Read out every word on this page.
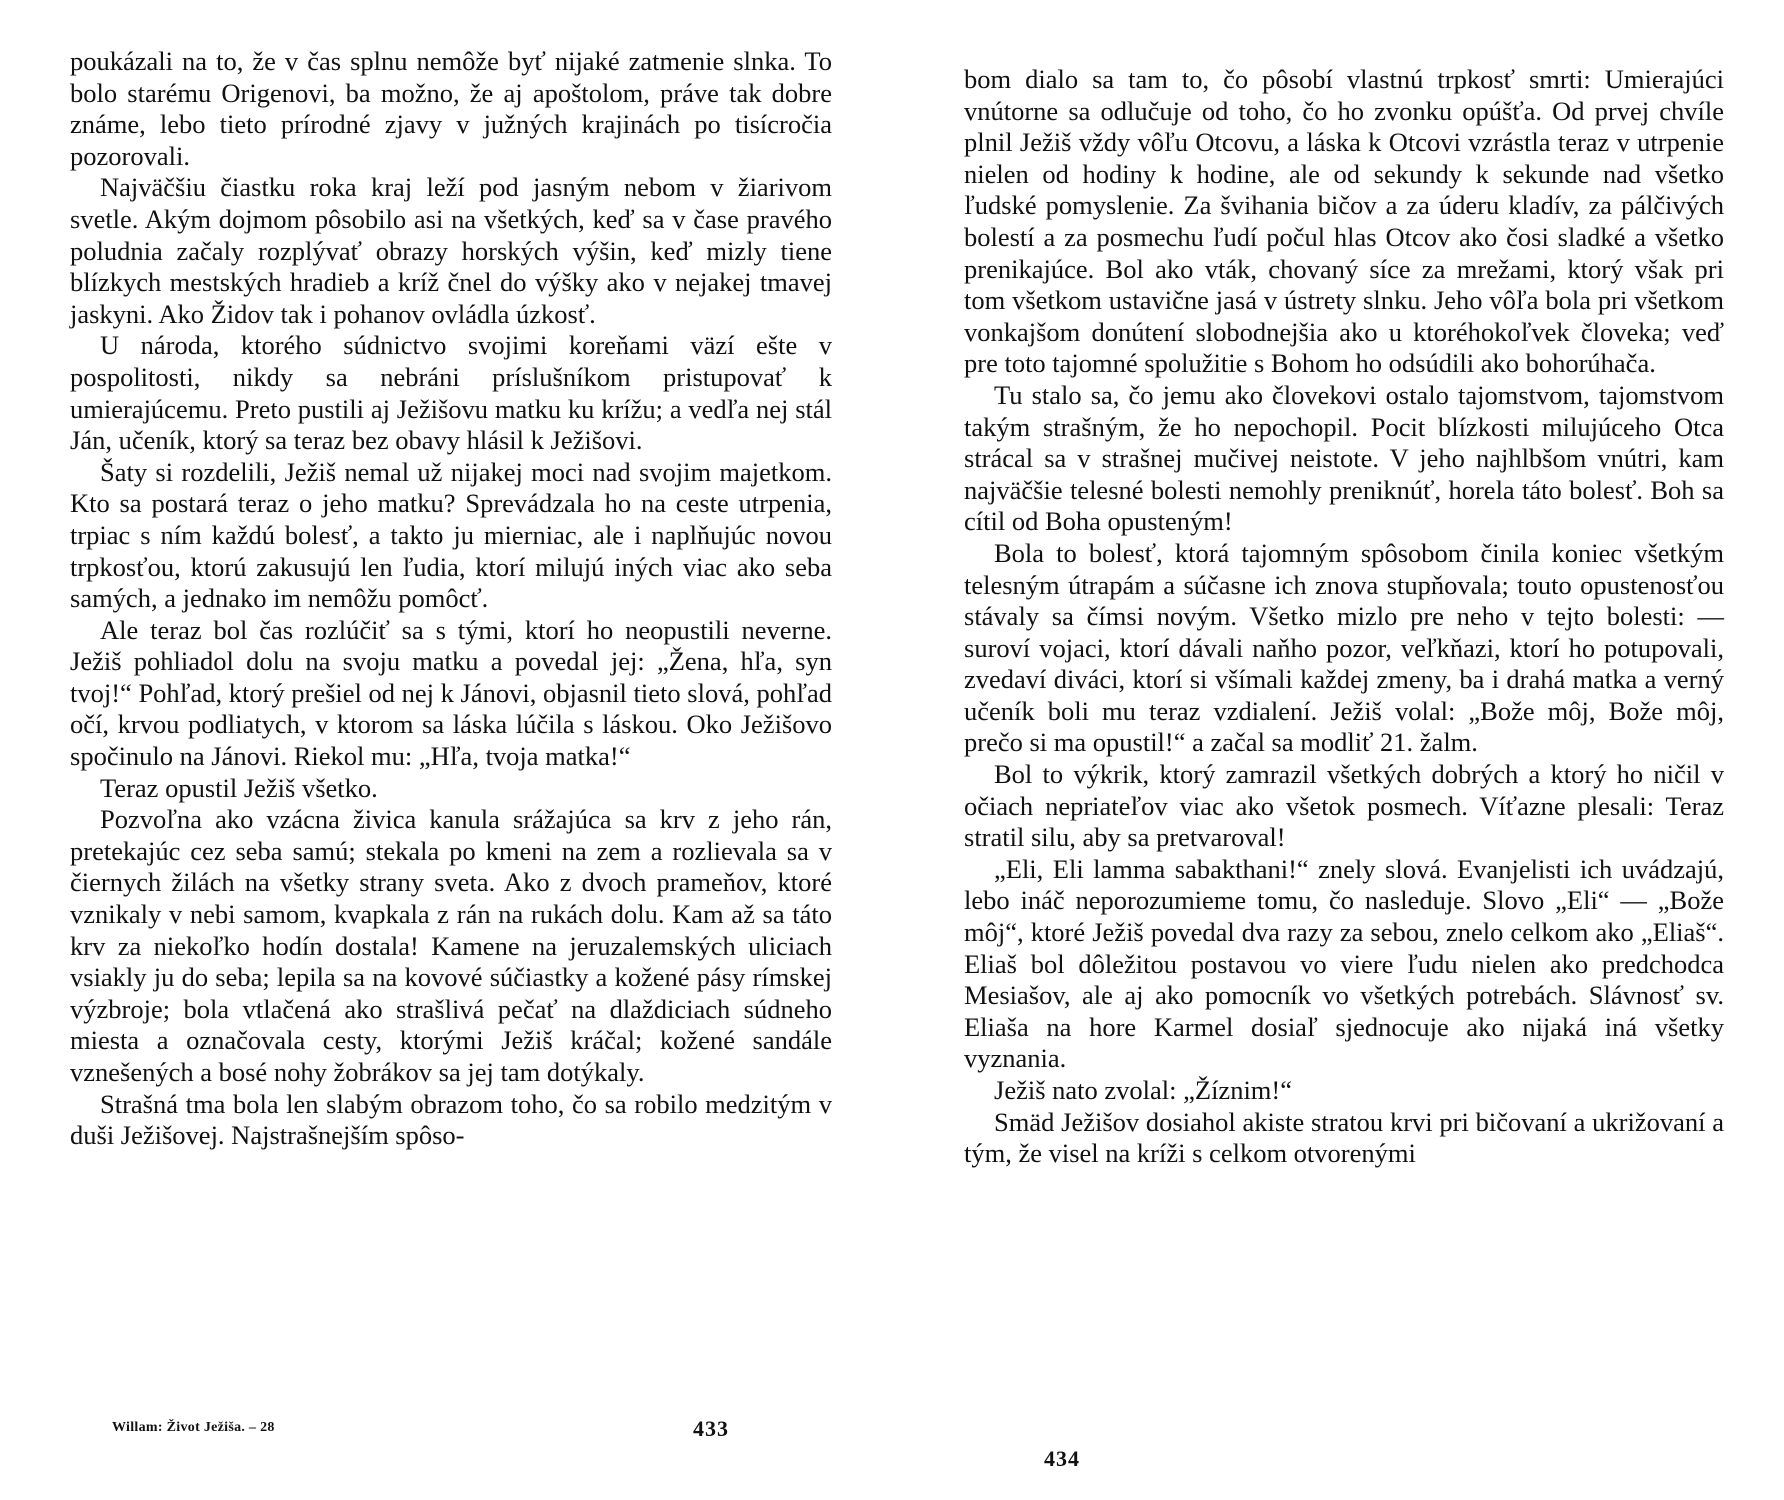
poukázali na to, že v čas splnu nemôže byť nijaké zatmenie slnka. To bolo starému Origenovi, ba možno, že aj apoštolom, práve tak dobre známe, lebo tieto prírodné zjavy v južných krajinách po tisícročia pozorovali.

Najväčšiu čiastku roka kraj leží pod jasným nebom v žiarivom svetle. Akým dojmom pôsobilo asi na všetkých, keď sa v čase pravého poludnia začaly rozplývať obrazy horských výšin, keď mizly tiene blízkych mestských hradieb a kríž čnel do výšky ako v nejakej tmavej jaskyni. Ako Židov tak i pohanov ovládla úzkosť.

U národa, ktorého súdnictvo svojimi koreňami väzí ešte v pospolitosti, nikdy sa nebráni príslušníkom pristupovať k umierajúcemu. Preto pustili aj Ježišovu matku ku krížu; a vedľa nej stál Ján, učeník, ktorý sa teraz bez obavy hlásil k Ježišovi.

Šaty si rozdelili, Ježiš nemal už nijakej moci nad svojim majetkom. Kto sa postará teraz o jeho matku? Sprevádzala ho na ceste utrpenia, trpiac s ním každú bolesť, a takto ju mierniac, ale i naplňujúc novou trpkosťou, ktorú zakusujú len ľudia, ktorí milujú iných viac ako seba samých, a jednako im nemôžu pomôcť.

Ale teraz bol čas rozlúčiť sa s tými, ktorí ho neopustili neverne. Ježiš pohliadol dolu na svoju matku a povedal jej: „Žena, hľa, syn tvoj!“ Pohľad, ktorý prešiel od nej k Jánovi, objasnil tieto slová, pohľad očí, krvou podliatych, v ktorom sa láska lúčila s láskou. Oko Ježišovo spočinulo na Jánovi. Riekol mu: „Hľa, tvoja matka!“

Teraz opustil Ježiš všetko.

Pozvoľna ako vzácna živica kanula srážajúca sa krv z jeho rán, pretekajúc cez seba samú; stekala po kmeni na zem a rozlievala sa v čiernych žilách na všetky strany sveta. Ako z dvoch prameňov, ktoré vznikaly v nebi samom, kvapkala z rán na rukách dolu. Kam až sa táto krv za niekoľko hodín dostala! Kamene na jeruzalemských uliciach vsiakly ju do seba; lepila sa na kovové súčiastky a kožené pásy rímskej výzbroje; bola vtlačená ako strašlivá pečať na dlaždiciach súdneho miesta a označovala cesty, ktorými Ježiš kráčal; kožené sandále vznešených a bosé nohy žobrákov sa jej tam dotýkaly.

Strašná tma bola len slabým obrazom toho, čo sa robilo medzitým v duši Ježišovej. Najstrašnejším spôso-

Willam: Život Ježiša. – 28	433

bom dialo sa tam to, čo pôsobí vlastnú trpkosť smrti: Umierajúci vnútorne sa odlučuje od toho, čo ho zvonku opúšťa. Od prvej chvíle plnil Ježiš vždy vôľu Otcovu, a láska k Otcovi vzrástla teraz v utrpenie nielen od hodiny k hodine, ale od sekundy k sekunde nad všetko ľudské pomyslenie. Za švihania bičov a za úderu kladív, za pálčivých bolestí a za posmechu ľudí počul hlas Otcov ako čosi sladké a všetko prenikajúce. Bol ako vták, chovaný síce za mrežami, ktorý však pri tom všetkom ustavične jasá v ústrety slnku. Jeho vôľa bola pri všetkom vonkajšom donútení slobodnejšia ako u ktoréhokoľvek človeka; veď pre toto tajomné spolužitie s Bohom ho odsúdili ako bohorúhača.

Tu stalo sa, čo jemu ako človekovi ostalo tajomstvom, tajomstvom takým strašným, že ho nepochopil. Pocit blízkosti milujúceho Otca strácal sa v strašnej mučivej neistote. V jeho najhlbšom vnútri, kam najväčšie telesné bolesti nemohly preniknúť, horela táto bolesť. Boh sa cítil od Boha opusteným!

Bola to bolesť, ktorá tajomným spôsobom činila koniec všetkým telesným útrapám a súčasne ich znova stupňovala; touto opustenosťou stávaly sa čímsi novým. Všetko mizlo pre neho v tejto bolesti: — suroví vojaci, ktorí dávali naňho pozor, veľkňazi, ktorí ho potupovali, zvedaví diváci, ktorí si všímali každej zmeny, ba i drahá matka a verný učeník boli mu teraz vzdialení. Ježiš volal: „Bože môj, Bože môj, prečo si ma opustil!“ a začal sa modliť 21. žalm.

Bol to výkrik, ktorý zamrazil všetkých dobrých a ktorý ho ničil v očiach nepriateľov viac ako všetok posmech. Víťazne plesali: Teraz stratil silu, aby sa pretvaroval!

„Eli, Eli lamma sabakthani!“ znely slová. Evanjelisti ich uvádzajú, lebo ináč neporozumieme tomu, čo nasleduje. Slovo „Eli“ — „Bože môj“, ktoré Ježiš povedal dva razy za sebou, znelo celkom ako „Eliaš“. Eliaš bol dôležitou postavou vo viere ľudu nielen ako predchodca Mesiašov, ale aj ako pomocník vo všetkých potrebách. Slávnosť sv. Eliaša na hore Karmel dosiaľ sjednocuje ako nijaká iná všetky vyznania.

Ježiš nato zvolal: „Žíznim!“

Smäd Ježišov dosiahol akiste stratou krvi pri bičovaní a ukrižovaní a tým, že visel na kríži s celkom otvorenými

434
